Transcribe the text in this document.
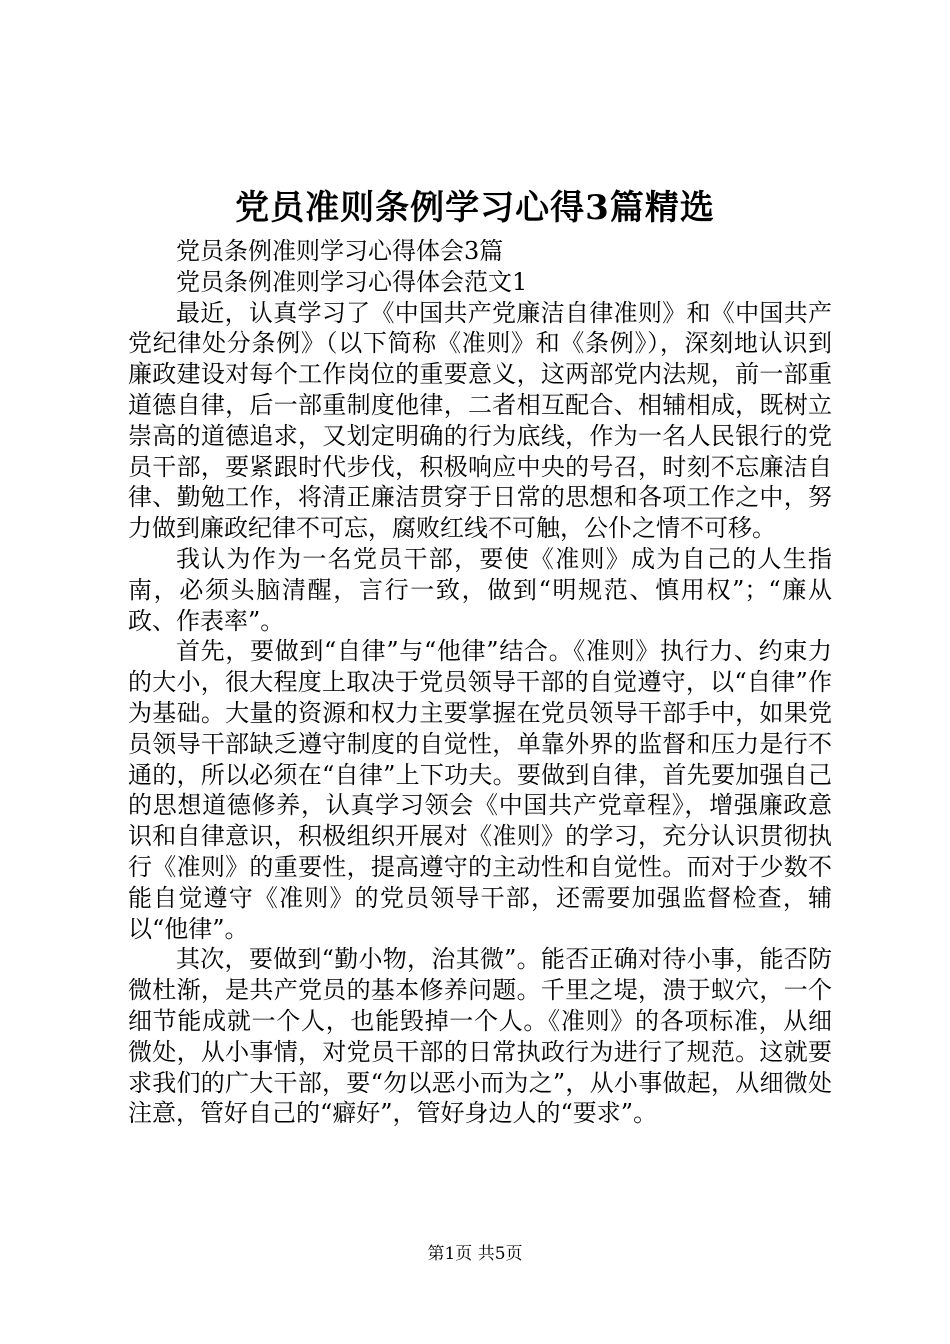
党员准则条例学习心得3篇精选

党员条例准则学习心得体会3篇

党员条例准则学习心得体会范文1

最近，认真学习了《中国共产党廉洁自律准则》和《中国共产党纪律处分条例》（以下简称《准则》和《条例》），深刻地认识到廉政建设对每个工作岗位的重要意义，这两部党内法规，前一部重道德自律，后一部重制度他律，二者相互配合、相辅相成，既树立崇高的道德追求，又划定明确的行为底线，作为一名人民银行的党员干部，要紧跟时代步伐，积极响应中央的号召，时刻不忘廉洁自律、勤勉工作，将清正廉洁贯穿于日常的思想和各项工作之中，努力做到廉政纪律不可忘，腐败红线不可触，公仆之情不可移。

我认为作为一名党员干部，要使《准则》成为自己的人生指南，必须头脑清醒，言行一致，做到“明规范、慎用权”；“廉从政、作表率”。

首先，要做到“自律”与“他律”结合。《准则》执行力、约束力的大小，很大程度上取决于党员领导干部的自觉遵守，以“自律”作为基础。大量的资源和权力主要掌握在党员领导干部手中，如果党员领导干部缺乏遵守制度的自觉性，单靠外界的监督和压力是行不通的，所以必须在“自律”上下功夫。要做到自律，首先要加强自己的思想道德修养，认真学习领会《中国共产党章程》，增强廉政意识和自律意识，积极组织开展对《准则》的学习，充分认识贯彻执行《准则》的重要性，提高遵守的主动性和自觉性。而对于少数不能自觉遵守《准则》的党员领导干部，还需要加强监督检查，辅以“他律”。

其次，要做到“勤小物，治其微”。能否正确对待小事，能否防微杜渐，是共产党员的基本修养问题。千里之堤，溃于蚁穴，一个细节能成就一个人，也能毁掉一个人。《准则》的各项标准，从细微处，从小事情，对党员干部的日常执政行为进行了规范。这就要求我们的广大干部，要“勿以恶小而为之”，从小事做起，从细微处注意，管好自己的“癖好”，管好身边人的“要求”。

第1页 共5页
